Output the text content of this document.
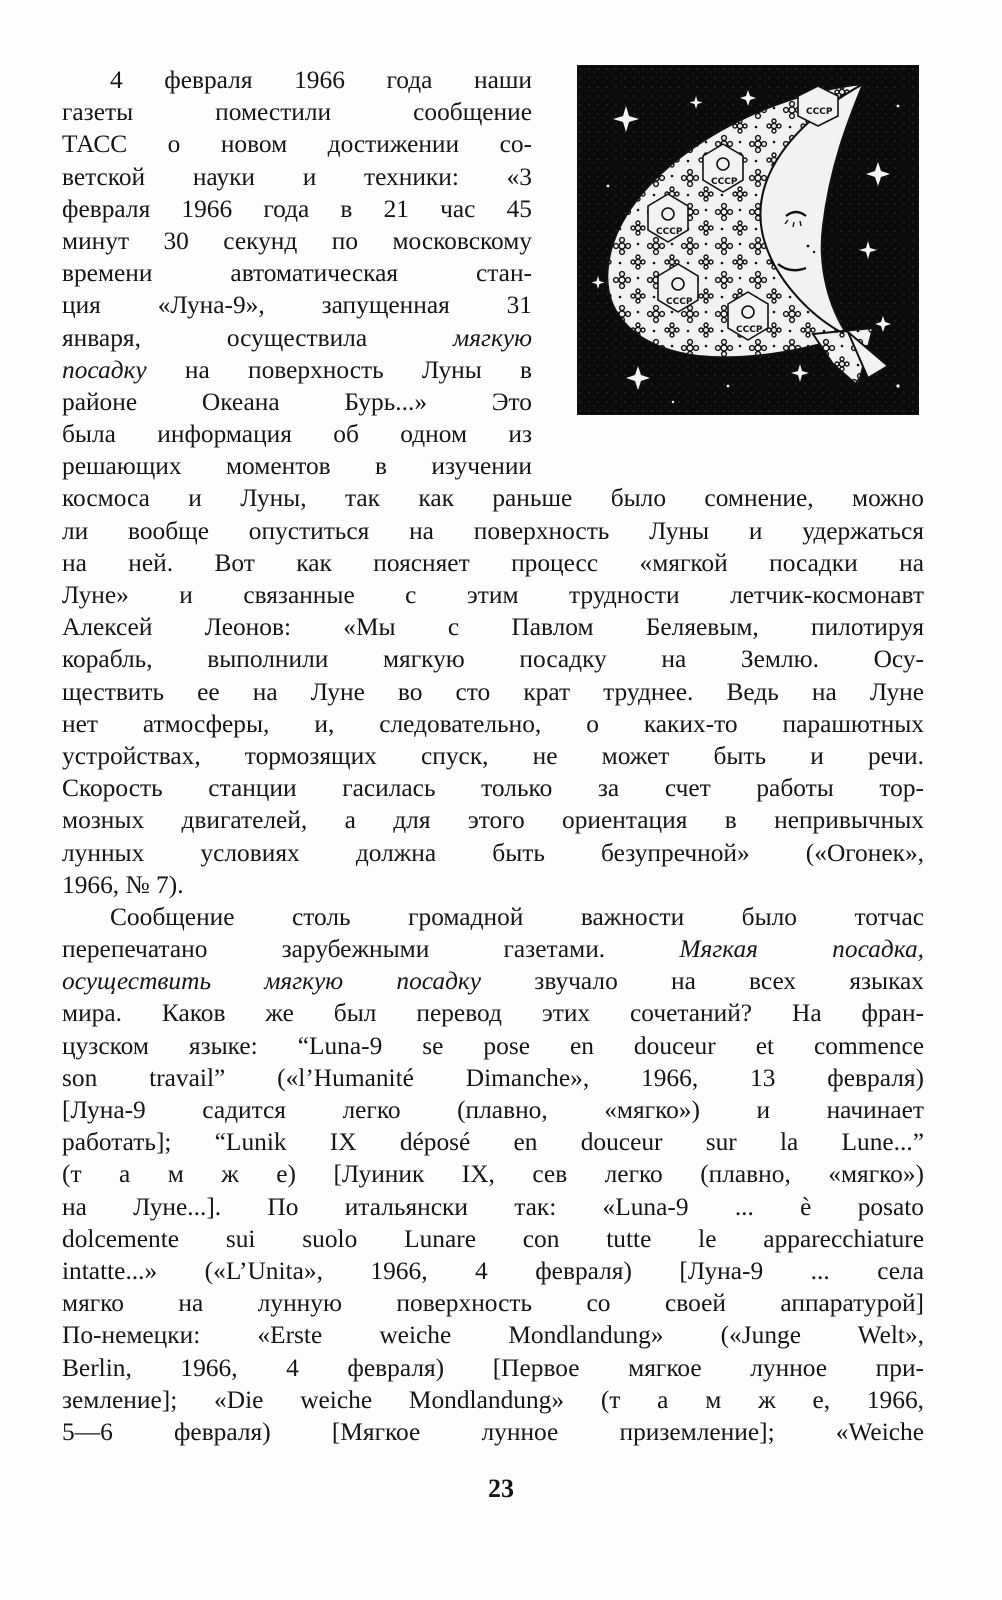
СССР
СССР
СССР
СССР
СССР
4 февраля 1966 года наши
газеты поместили сообщение
ТАСС о новом достижении со-
ветской науки и техники: «3
февраля 1966 года в 21 час 45
минут 30 секунд по московскому
времени автоматическая стан-
ция «Луна-9», запущенная 31
января, осуществила мягкую
посадку на поверхность Луны в
районе Океана Бурь...» Это
была информация об одном из
решающих моментов в изучении
космоса и Луны, так как раньше было сомнение, можно
ли вообще опуститься на поверхность Луны и удержаться
на ней. Вот как поясняет процесс «мягкой посадки на
Луне» и связанные с этим трудности летчик-космонавт
Алексей Леонов: «Мы с Павлом Беляевым, пилотируя
корабль, выполнили мягкую посадку на Землю. Осу-
ществить ее на Луне во сто крат труднее. Ведь на Луне
нет атмосферы, и, следовательно, о каких-то парашютных
устройствах, тормозящих спуск, не может быть и речи.
Скорость станции гасилась только за счет работы тор-
мозных двигателей, а для этого ориентация в непривычных
лунных условиях должна быть безупречной» («Огонек»,
1966, № 7).
Сообщение столь громадной важности было тотчас
перепечатано зарубежными газетами.	Мягкая посадка,
осуществить мягкую посадку звучало на всех языках
мира. Каков же был перевод этих сочетаний? На фран-
цузском языке: “Luna-9 se pose en douceur et commence
son travail” («l’Humanité Dimanche», 1966, 13 февраля)
[Луна-9 садится легко (плавно, «мягко») и начинает
работать]; “Lunik IX déposé en douceur sur la Lune...”
(т а м ж е) [Луиник IX, сев легко (плавно, «мягко»)
на Луне...]. По итальянски так: «Luna-9 ... è posato
dolcemente sui suolo Lunare con tutte le apparecchiature
intatte...» («L’Unita», 1966, 4 февраля) [Луна-9 ... села
мягко на лунную поверхность со своей аппаратурой]
По-немецки: «Erste weiche Mondlandung» («Junge Welt»,
Berlin, 1966, 4 февраля) [Первое мягкое лунное при-
землениe]; «Die weiche Mondlandung» (т а м ж е, 1966,
5—6 февраля) [Мягкое лунное приземление]; «Weiche
23
